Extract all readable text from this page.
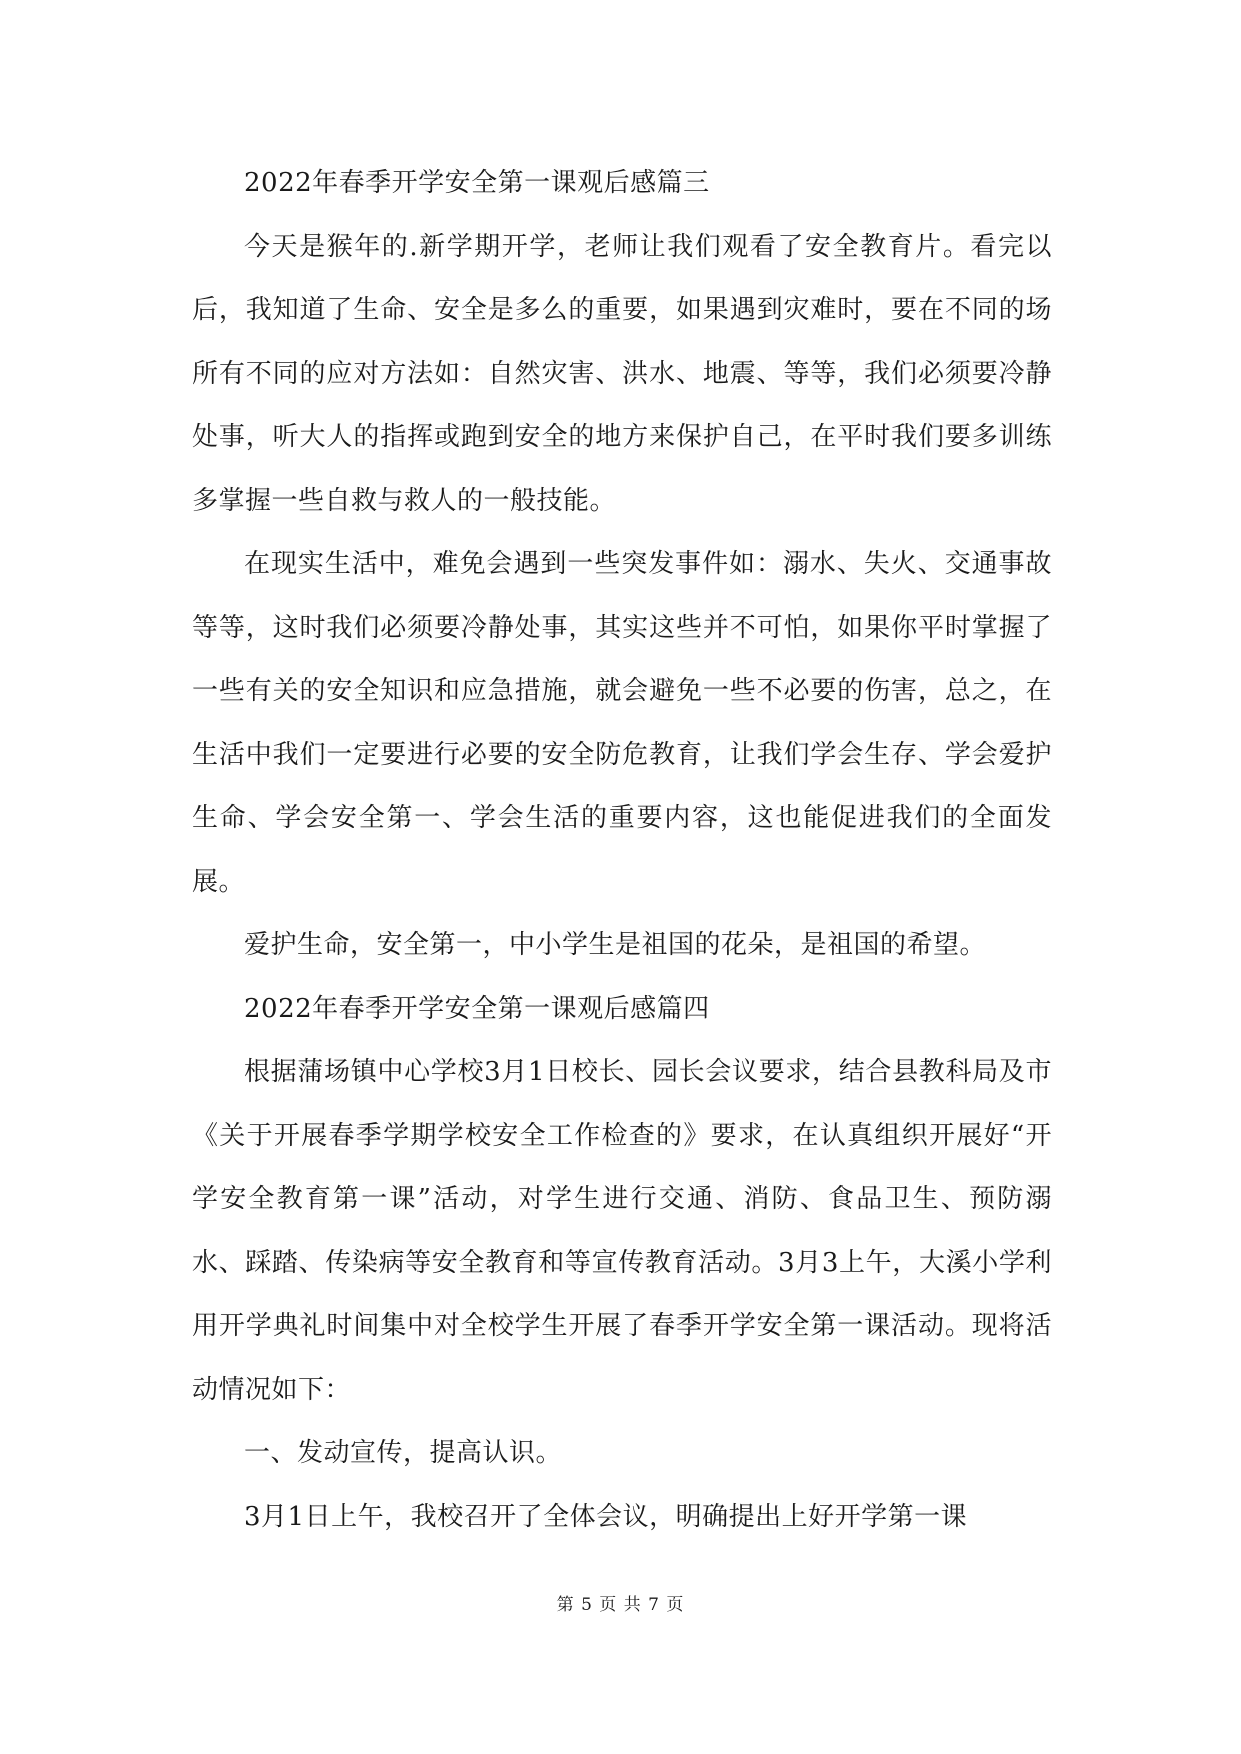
2022年春季开学安全第一课观后感篇三

今天是猴年的.新学期开学，老师让我们观看了安全教育片。看完以后，我知道了生命、安全是多么的重要，如果遇到灾难时，要在不同的场所有不同的应对方法如：自然灾害、洪水、地震、等等，我们必须要冷静处事，听大人的指挥或跑到安全的地方来保护自己，在平时我们要多训练多掌握一些自救与救人的一般技能。

在现实生活中，难免会遇到一些突发事件如：溺水、失火、交通事故等等，这时我们必须要冷静处事，其实这些并不可怕，如果你平时掌握了一些有关的安全知识和应急措施，就会避免一些不必要的伤害，总之，在生活中我们一定要进行必要的安全防危教育，让我们学会生存、学会爱护生命、学会安全第一、学会生活的重要内容，这也能促进我们的全面发展。

爱护生命，安全第一，中小学生是祖国的花朵，是祖国的希望。

2022年春季开学安全第一课观后感篇四

根据蒲场镇中心学校3月1日校长、园长会议要求，结合县教科局及市《关于开展春季学期学校安全工作检查的》要求，在认真组织开展好“开学安全教育第一课”活动，对学生进行交通、消防、食品卫生、预防溺水、踩踏、传染病等安全教育和等宣传教育活动。3月3上午，大溪小学利用开学典礼时间集中对全校学生开展了春季开学安全第一课活动。现将活动情况如下：

一、发动宣传，提高认识。

3月1日上午，我校召开了全体会议，明确提出上好开学第一课

第 5 页 共 7 页
